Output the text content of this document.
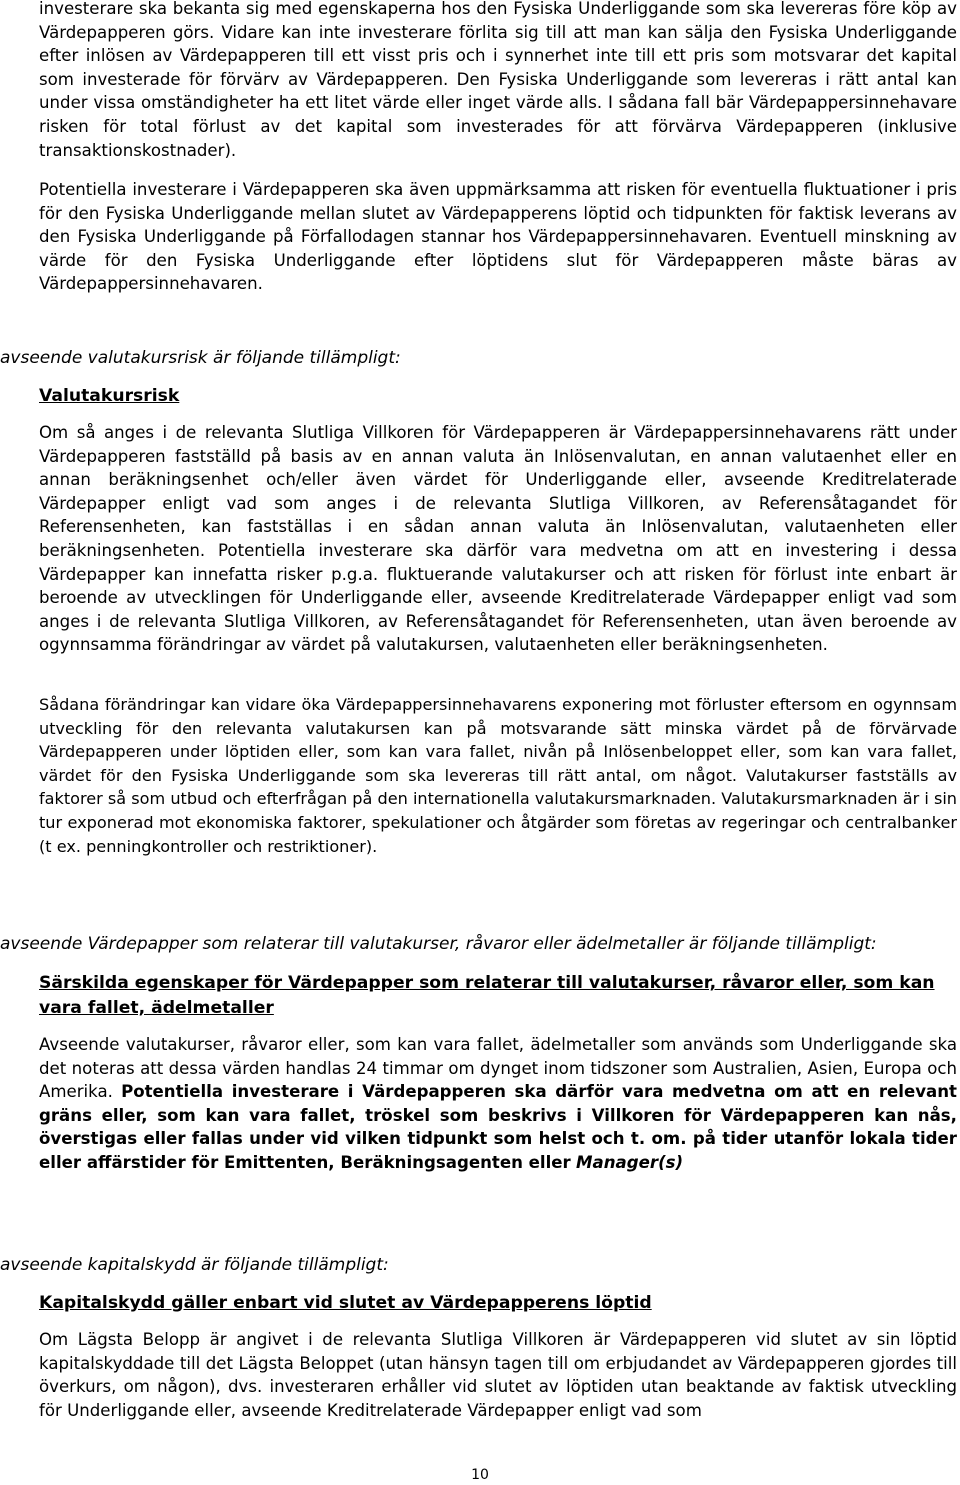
investerare ska bekanta sig med egenskaperna hos den Fysiska Underliggande som ska levereras före köp av Värdepapperen görs. Vidare kan inte investerare förlita sig till att man kan sälja den Fysiska Underliggande efter inlösen av Värdepapperen till ett visst pris och i synnerhet inte till ett pris som motsvarar det kapital som investerade för förvärv av Värdepapperen. Den Fysiska Underliggande som levereras i rätt antal kan under vissa omständigheter ha ett litet värde eller inget värde alls. I sådana fall bär Värdepappersinnehavare risken för total förlust av det kapital som investerades för att förvärva Värdepapperen (inklusive transaktionskostnader).

Potentiella investerare i Värdepapperen ska även uppmärksamma att risken för eventuella fluktuationer i pris för den Fysiska Underliggande mellan slutet av Värdepapperens löptid och tidpunkten för faktisk leverans av den Fysiska Underliggande på Förfallodagen stannar hos Värdepappersinnehavaren. Eventuell minskning av värde för den Fysiska Underliggande efter löptidens slut för Värdepapperen måste bäras av Värdepappersinnehavaren.

avseende valutakursrisk är följande tillämpligt:

Valutakursrisk

Om så anges i de relevanta Slutliga Villkoren för Värdepapperen är Värdepappersinnehavarens rätt under Värdepapperen fastställd på basis av en annan valuta än Inlösenvalutan, en annan valutaenhet eller en annan beräkningsenhet och/eller även värdet för Underliggande eller, avseende Kreditrelaterade Värdepapper enligt vad som anges i de relevanta Slutliga Villkoren, av Referensåtagandet för Referensenheten, kan fastställas i en sådan annan valuta än Inlösenvalutan, valutaenheten eller beräkningsenheten. Potentiella investerare ska därför vara medvetna om att en investering i dessa Värdepapper kan innefatta risker p.g.a. fluktuerande valutakurser och att risken för förlust inte enbart är beroende av utvecklingen för Underliggande eller, avseende Kreditrelaterade Värdepapper enligt vad som anges i de relevanta Slutliga Villkoren, av Referensåtagandet för Referensenheten, utan även beroende av ogynnsamma förändringar av värdet på valutakursen, valutaenheten eller beräkningsenheten.

Sådana förändringar kan vidare öka Värdepappersinnehavarens exponering mot förluster eftersom en ogynnsam utveckling för den relevanta valutakursen kan på motsvarande sätt minska värdet på de förvärvade Värdepapperen under löptiden eller, som kan vara fallet, nivån på Inlösenbeloppet eller, som kan vara fallet, värdet för den Fysiska Underliggande som ska levereras till rätt antal, om något. Valutakurser fastställs av faktorer så som utbud och efterfrågan på den internationella valutakursmarknaden. Valutakursmarknaden är i sin tur exponerad mot ekonomiska faktorer, spekulationer och åtgärder som företas av regeringar och centralbanker (t ex. penningkontroller och restriktioner).

avseende Värdepapper som relaterar till valutakurser, råvaror eller ädelmetaller är följande tillämpligt:

Särskilda egenskaper för Värdepapper som relaterar till valutakurser, råvaror eller, som kan vara fallet, ädelmetaller

Avseende valutakurser, råvaror eller, som kan vara fallet, ädelmetaller som används som Underliggande ska det noteras att dessa värden handlas 24 timmar om dynget inom tidszoner som Australien, Asien, Europa och Amerika. Potentiella investerare i Värdepapperen ska därför vara medvetna om att en relevant gräns eller, som kan vara fallet, tröskel som beskrivs i Villkoren för Värdepapperen kan nås, överstigas eller fallas under vid vilken tidpunkt som helst och t. om. på tider utanför lokala tider eller affärstider för Emittenten, Beräkningsagenten eller Manager(s)

avseende kapitalskydd är följande tillämpligt:

Kapitalskydd gäller enbart vid slutet av Värdepapperens löptid

Om Lägsta Belopp är angivet i de relevanta Slutliga Villkoren är Värdepapperen vid slutet av sin löptid kapitalskyddade till det Lägsta Beloppet (utan hänsyn tagen till om erbjudandet av Värdepapperen gjordes till överkurs, om någon), dvs. investeraren erhåller vid slutet av löptiden utan beaktande av faktisk utveckling för Underliggande eller, avseende Kreditrelaterade Värdepapper enligt vad som

10
